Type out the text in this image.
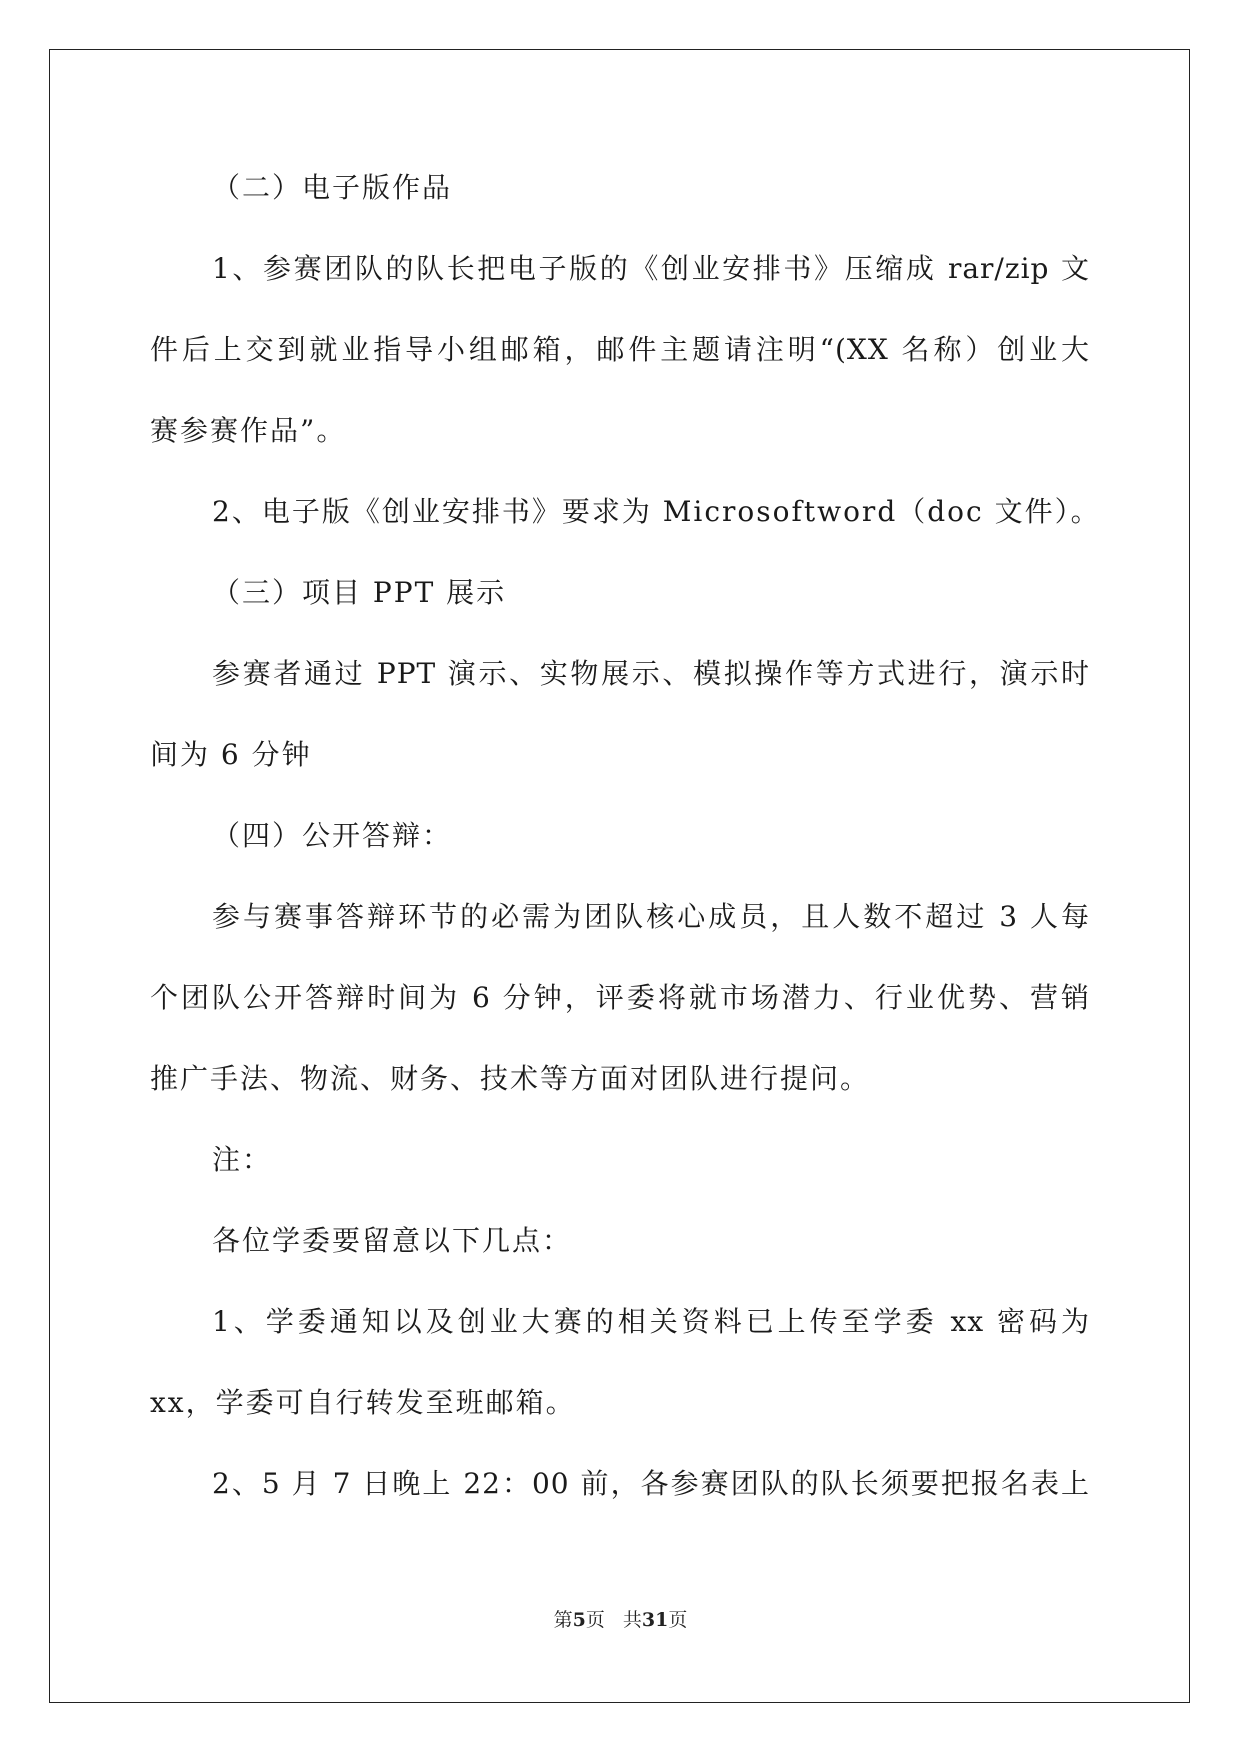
（二）电子版作品
1、参赛团队的队长把电子版的《创业安排书》压缩成 rar/zip 文
件后上交到就业指导小组邮箱，邮件主题请注明“(XX 名称）创业大
赛参赛作品”。
2、电子版《创业安排书》要求为 Microsoftword（doc 文件）。
（三）项目 PPT 展示
参赛者通过 PPT 演示、实物展示、模拟操作等方式进行，演示时
间为 6 分钟
（四）公开答辩：
参与赛事答辩环节的必需为团队核心成员，且人数不超过 3 人每
个团队公开答辩时间为 6 分钟，评委将就市场潜力、行业优势、营销
推广手法、物流、财务、技术等方面对团队进行提问。
注：
各位学委要留意以下几点：
1、学委通知以及创业大赛的相关资料已上传至学委 xx 密码为
xx，学委可自行转发至班邮箱。
2、5 月 7 日晚上 22：00 前，各参赛团队的队长须要把报名表上
第5页 共31页
